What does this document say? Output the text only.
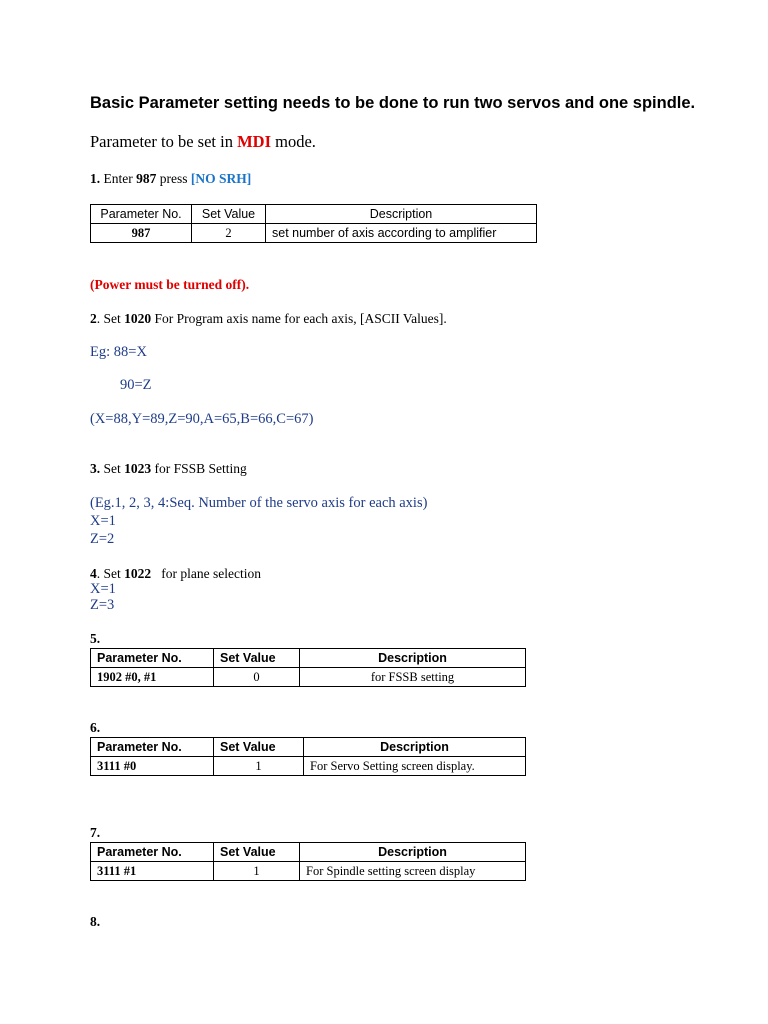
Basic Parameter setting needs to be done to run two servos and one spindle.
Parameter to be set in MDI mode.
1. Enter 987 press [NO SRH]
Parameter No.	Set Value	Description
987	2	set number of axis according to amplifier
(Power must be turned off).
2. Set 1020 For Program axis name for each axis, [ASCII Values].
Eg: 88=X
90=Z
(X=88,Y=89,Z=90,A=65,B=66,C=67)
3. Set 1023 for FSSB Setting
(Eg.1, 2, 3, 4:Seq. Number of the servo axis for each axis)
X=1
Z=2
4. Set 1022   for plane selection
X=1
Z=3
5.
Parameter No.	Set Value	Description
1902 #0, #1	0	for FSSB setting
6.
Parameter No.	Set Value	Description
3111 #0	1	For Servo Setting screen display.
7.
Parameter No.	Set Value	Description
3111 #1	1	For Spindle setting screen display
8.
